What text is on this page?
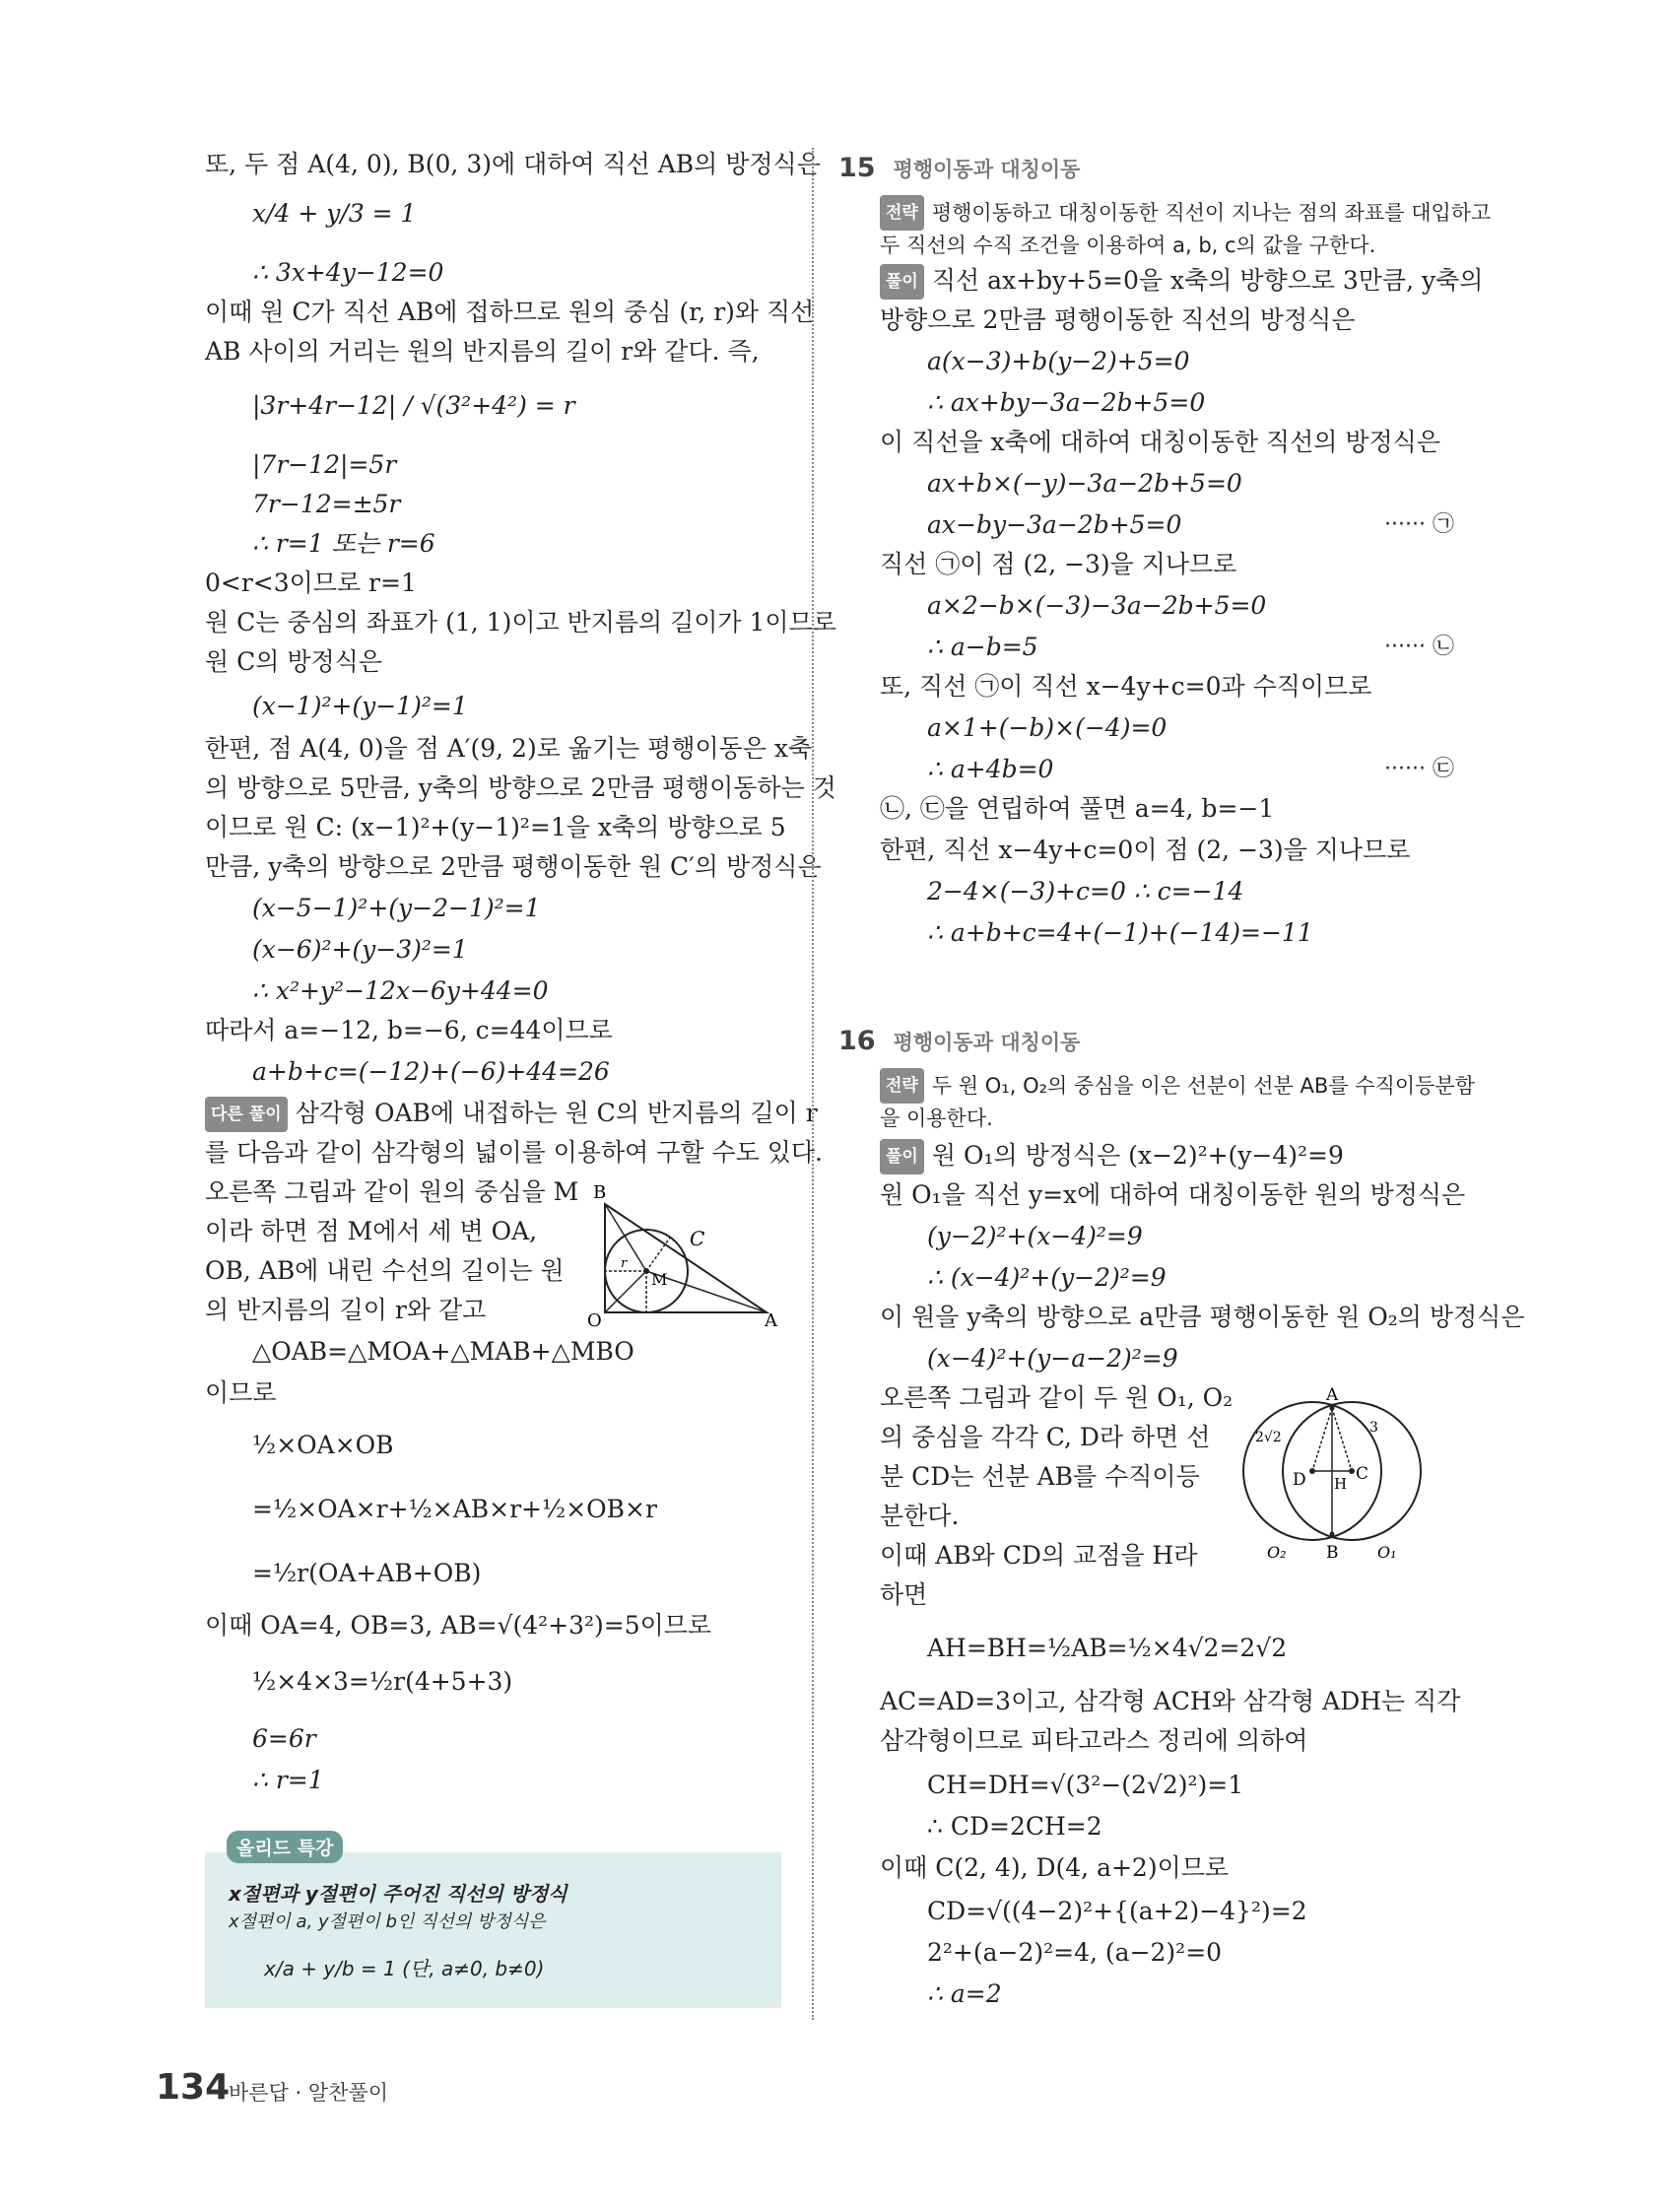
또, 두 점 A(4, 0), B(0, 3)에 대하여 직선 AB의 방정식은
x/4 + y/3 = 1
∴ 3x+4y−12=0
이때 원 C가 직선 AB에 접하므로 원의 중심 (r, r)와 직선
AB 사이의 거리는 원의 반지름의 길이 r와 같다. 즉,
|3r+4r−12| / √(3²+4²) = r
|7r−12|=5r
7r−12=±5r
∴ r=1 또는 r=6
0<r<3이므로 r=1
원 C는 중심의 좌표가 (1, 1)이고 반지름의 길이가 1이므로
원 C의 방정식은
(x−1)²+(y−1)²=1
한편, 점 A(4, 0)을 점 A′(9, 2)로 옮기는 평행이동은 x축
의 방향으로 5만큼, y축의 방향으로 2만큼 평행이동하는 것
이므로 원 C: (x−1)²+(y−1)²=1을 x축의 방향으로 5
만큼, y축의 방향으로 2만큼 평행이동한 원 C′의 방정식은
(x−5−1)²+(y−2−1)²=1
(x−6)²+(y−3)²=1
∴ x²+y²−12x−6y+44=0
따라서 a=−12, b=−6, c=44이므로
a+b+c=(−12)+(−6)+44=26
다른 풀이 삼각형 OAB에 내접하는 원 C의 반지름의 길이 r
를 다음과 같이 삼각형의 넓이를 이용하여 구할 수도 있다.
오른쪽 그림과 같이 원의 중심을 M
이라 하면 점 M에서 세 변 OA,
OB, AB에 내린 수선의 길이는 원
의 반지름의 길이 r와 같고
△OAB=△MOA+△MAB+△MBO
이므로
½×OA×OB
=½×OA×r+½×AB×r+½×OB×r
=½r(OA+AB+OB)
이때 OA=4, OB=3, AB=√(4²+3²)=5이므로
½×4×3=½r(4+5+3)
6=6r
∴ r=1
B
C
O	A
M
r
올리드 특강
x절편과 y절편이 주어진 직선의 방정식
x절편이 a, y절편이 b인 직선의 방정식은
x/a + y/b = 1 (단, a≠0, b≠0)
15 평행이동과 대칭이동
전략 평행이동하고 대칭이동한 직선이 지나는 점의 좌표를 대입하고
두 직선의 수직 조건을 이용하여 a, b, c의 값을 구한다.
풀이 직선 ax+by+5=0을 x축의 방향으로 3만큼, y축의
방향으로 2만큼 평행이동한 직선의 방정식은
a(x−3)+b(y−2)+5=0
∴ ax+by−3a−2b+5=0
이 직선을 x축에 대하여 대칭이동한 직선의 방정식은
ax+b×(−y)−3a−2b+5=0
ax−by−3a−2b+5=0	······ ㉠
직선 ㉠이 점 (2, −3)을 지나므로
a×2−b×(−3)−3a−2b+5=0
∴ a−b=5	······ ㉡
또, 직선 ㉠이 직선 x−4y+c=0과 수직이므로
a×1+(−b)×(−4)=0
∴ a+4b=0	······ ㉢
㉡, ㉢을 연립하여 풀면 a=4, b=−1
한편, 직선 x−4y+c=0이 점 (2, −3)을 지나므로
2−4×(−3)+c=0 ∴ c=−14
∴ a+b+c=4+(−1)+(−14)=−11
16 평행이동과 대칭이동
전략 두 원 O₁, O₂의 중심을 이은 선분이 선분 AB를 수직이등분함
을 이용한다.
풀이 원 O₁의 방정식은 (x−2)²+(y−4)²=9
원 O₁을 직선 y=x에 대하여 대칭이동한 원의 방정식은
(y−2)²+(x−4)²=9
∴ (x−4)²+(y−2)²=9
이 원을 y축의 방향으로 a만큼 평행이동한 원 O₂의 방정식은
(x−4)²+(y−a−2)²=9
오른쪽 그림과 같이 두 원 O₁, O₂
의 중심을 각각 C, D라 하면 선
분 CD는 선분 AB를 수직이등
분한다.
이때 AB와 CD의 교점을 H라
하면
AH=BH=½AB=½×4√2=2√2
AC=AD=3이고, 삼각형 ACH와 삼각형 ADH는 직각
삼각형이므로 피타고라스 정리에 의하여
CH=DH=√(3²−(2√2)²)=1
∴ CD=2CH=2
이때 C(2, 4), D(4, a+2)이므로
CD=√((4−2)²+{(a+2)−4}²)=2
2²+(a−2)²=4, (a−2)²=0
∴ a=2
A
B
C
D H
O₂	O₁
3
2√2
134
바른답 · 알찬풀이
